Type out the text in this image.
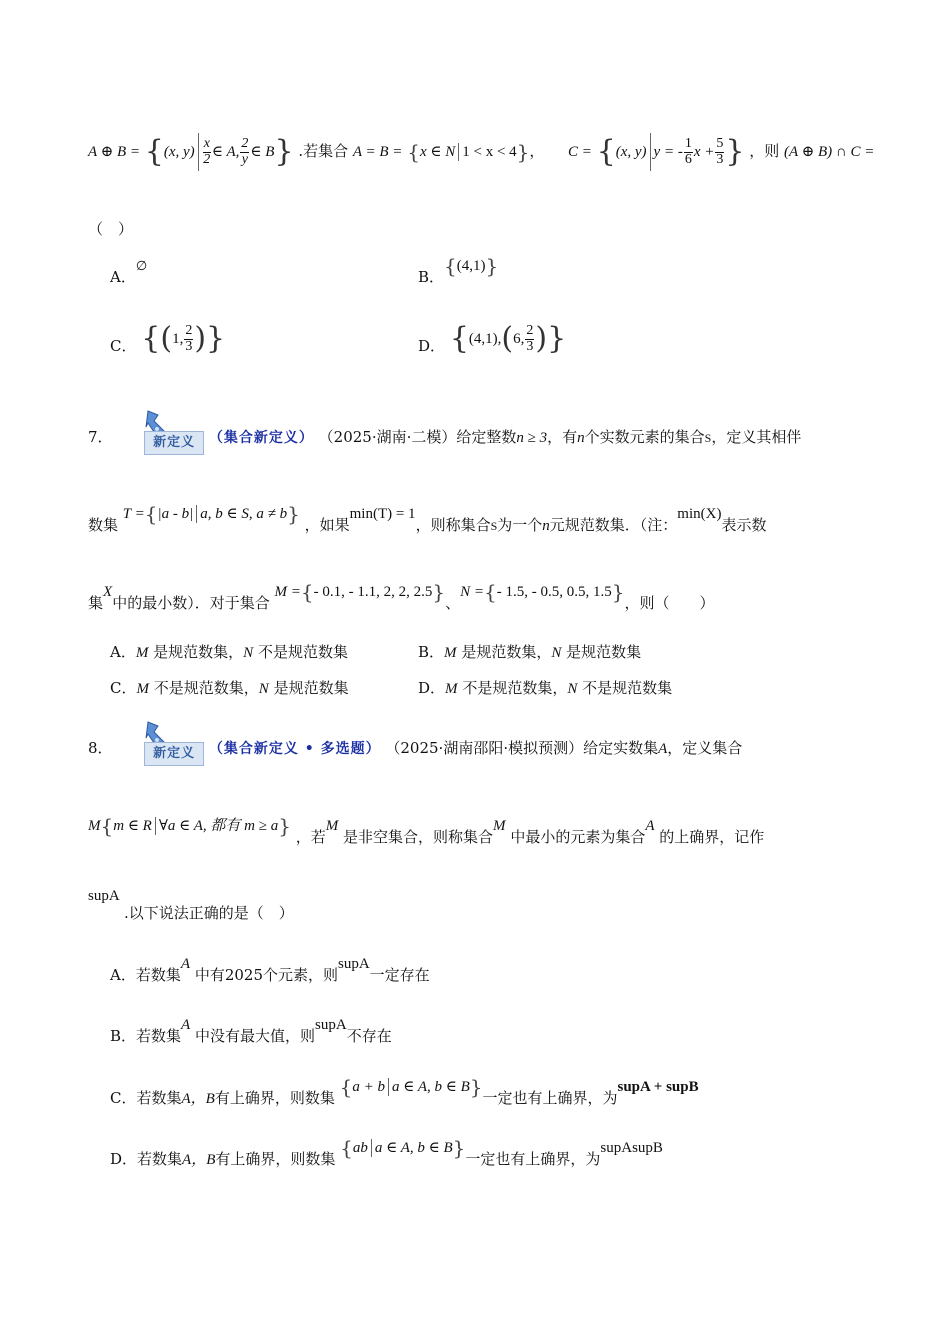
A ⊕ B = {(x, $y) \frac{x}{2}$ ∈ A, $\frac{2}{y}$ ∈ B} .若集合 A = B = {x ∈ N 1 < x < 4}， C = {(x, y) y = - $\frac{1}{6}$ $x + \frac{5}{3}$ } ，则 (A ⊕ B) ∩ C =
（　）
A．∅
B．{(4,1)}
C． {(1, $\frac{2}{3}$ )}	D． {(4,1),(6, $\frac{2}{3}$ )}
7．	新定义 （集合新定义） （2025·湖南·二模）给定整数n ≥ 3，有n个实数元素的集合S，定义其相伴
数集 T ={|a - b| a, b ∈ S, a ≠ b} ，如果min(T) = 1，则称集合S为一个n元规范数集．（注：min(X)表示数
集X中的最小数）．对于集合 M ={- 0.1, - 1.1, 2, 2, 2.5}、N ={- 1.5, - 0.5, 0.5, 1.5}，则（　　）
A．M 是规范数集，N 不是规范数集	B．M 是规范数集，N 是规范数集
C．M 不是规范数集，N 是规范数集	D．M 不是规范数集，N 不是规范数集
8．	新定义 （集合新定义 • 多选题） （2025·湖南邵阳·模拟预测）给定实数集A，定义集合
M{m ∈ R ∀a ∈ A, 都有 m ≥ a} ，若M 是非空集合，则称集合M 中最小的元素为集合A 的上确界，记作
supA
.以下说法正确的是（　）
A．若数集A 中有2025个元素，则supA一定存在
B．若数集A 中没有最大值，则supA不存在
C．若数集A，B有上确界，则数集 {a + b a ∈ A, b ∈ B}一定也有上确界，为supA + supB
D．若数集A，B有上确界，则数集 {ab a ∈ A, b ∈ B}一定也有上确界，为supAsupB
